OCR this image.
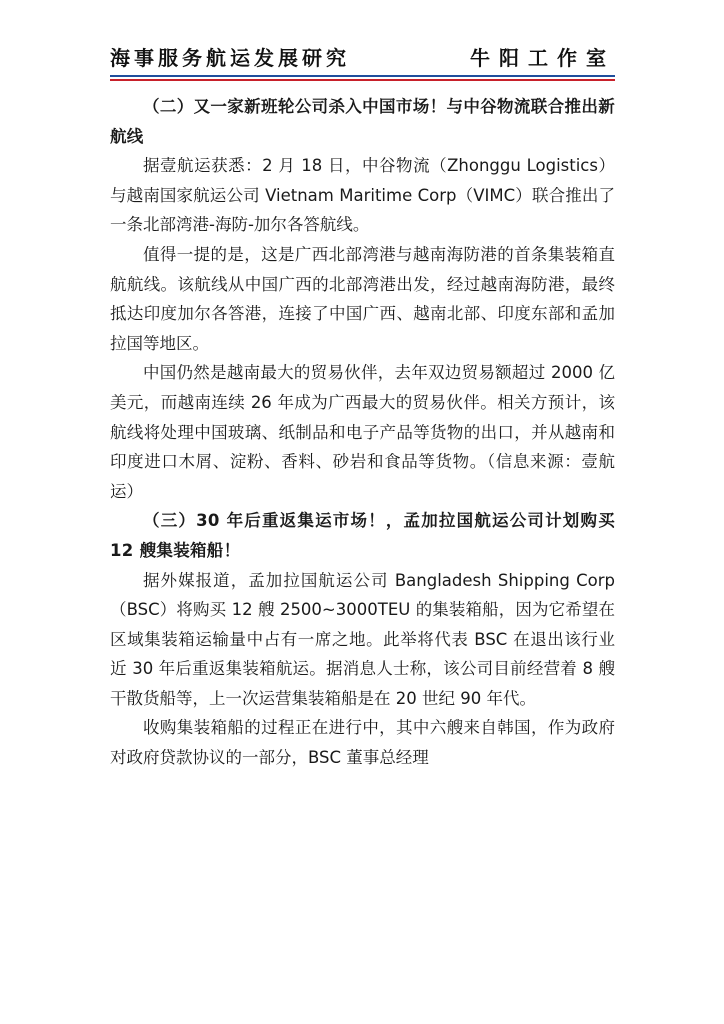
海事服务航运发展研究	牛阳工作室

（二）又一家新班轮公司杀入中国市场！与中谷物流联合推出新航线

据壹航运获悉：2 月 18 日，中谷物流（Zhonggu Logistics）与越南国家航运公司 Vietnam Maritime Corp（VIMC）联合推出了一条北部湾港-海防-加尔各答航线。

值得一提的是，这是广西北部湾港与越南海防港的首条集装箱直航航线。该航线从中国广西的北部湾港出发，经过越南海防港，最终抵达印度加尔各答港，连接了中国广西、越南北部、印度东部和孟加拉国等地区。

中国仍然是越南最大的贸易伙伴，去年双边贸易额超过 2000 亿美元，而越南连续 26 年成为广西最大的贸易伙伴。相关方预计，该航线将处理中国玻璃、纸制品和电子产品等货物的出口，并从越南和印度进口木屑、淀粉、香料、砂岩和食品等货物。（信息来源：壹航运）

（三）30 年后重返集运市场！，孟加拉国航运公司计划购买 12 艘集装箱船！

据外媒报道，孟加拉国航运公司 Bangladesh Shipping Corp（BSC）将购买 12 艘 2500~3000TEU 的集装箱船，因为它希望在区域集装箱运输量中占有一席之地。此举将代表 BSC 在退出该行业近 30 年后重返集装箱航运。据消息人士称，该公司目前经营着 8 艘干散货船等，上一次运营集装箱船是在 20 世纪 90 年代。

收购集装箱船的过程正在进行中，其中六艘来自韩国，作为政府对政府贷款协议的一部分，BSC 董事总经理
